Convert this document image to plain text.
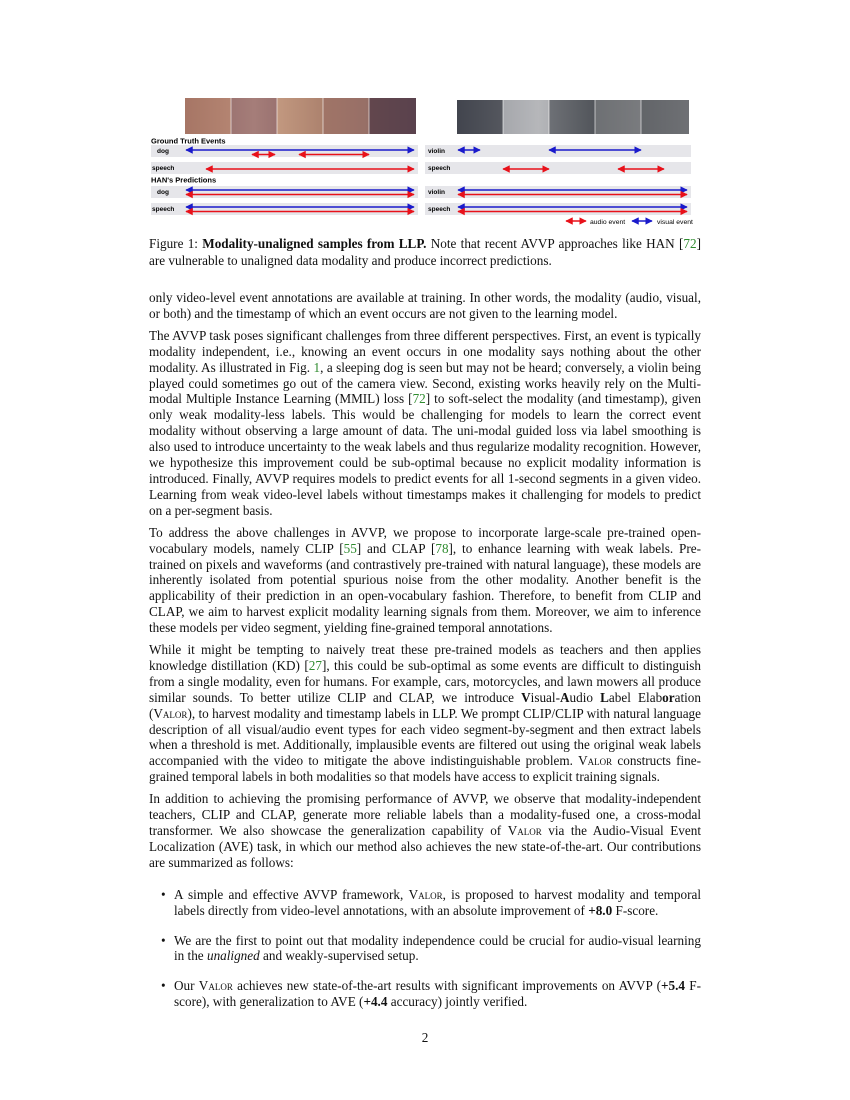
Ground Truth Events
HAN's Predictions
dog
speech
dog
speech
violin
speech
violin
speech
audio event	visual event
Figure 1: Modality-unaligned samples from LLP. Note that recent AVVP approaches like HAN [72] are vulnerable to unaligned data modality and produce incorrect predictions.

only video-level event annotations are available at training. In other words, the modality (audio, visual, or both) and the timestamp of which an event occurs are not given to the learning model.

The AVVP task poses significant challenges from three different perspectives. First, an event is typically modality independent, i.e., knowing an event occurs in one modality says nothing about the other modality. As illustrated in Fig. 1, a sleeping dog is seen but may not be heard; conversely, a violin being played could sometimes go out of the camera view. Second, existing works heavily rely on the Multi-modal Multiple Instance Learning (MMIL) loss [72] to soft-select the modality (and timestamp), given only weak modality-less labels. This would be challenging for models to learn the correct event modality without observing a large amount of data. The uni-modal guided loss via label smoothing is also used to introduce uncertainty to the weak labels and thus regularize modality recognition. However, we hypothesize this improvement could be sub-optimal because no explicit modality information is introduced. Finally, AVVP requires models to predict events for all 1-second segments in a given video. Learning from weak video-level labels without timestamps makes it challenging for models to predict on a per-segment basis.

To address the above challenges in AVVP, we propose to incorporate large-scale pre-trained open-vocabulary models, namely CLIP [55] and CLAP [78], to enhance learning with weak labels. Pre-trained on pixels and waveforms (and contrastively pre-trained with natural language), these models are inherently isolated from potential spurious noise from the other modality. Another benefit is the applicability of their prediction in an open-vocabulary fashion. Therefore, to benefit from CLIP and CLAP, we aim to harvest explicit modality learning signals from them. Moreover, we aim to inference these models per video segment, yielding fine-grained temporal annotations.

While it might be tempting to naively treat these pre-trained models as teachers and then applies knowledge distillation (KD) [27], this could be sub-optimal as some events are difficult to distinguish from a single modality, even for humans. For example, cars, motorcycles, and lawn mowers all produce similar sounds. To better utilize CLIP and CLAP, we introduce Visual-Audio Label Elaboration (Valor), to harvest modality and timestamp labels in LLP. We prompt CLIP/CLIP with natural language description of all visual/audio event types for each video segment-by-segment and then extract labels when a threshold is met. Additionally, implausible events are filtered out using the original weak labels accompanied with the video to mitigate the above indistinguishable problem. Valor constructs fine-grained temporal labels in both modalities so that models have access to explicit training signals.

In addition to achieving the promising performance of AVVP, we observe that modality-independent teachers, CLIP and CLAP, generate more reliable labels than a modality-fused one, a cross-modal transformer. We also showcase the generalization capability of Valor via the Audio-Visual Event Localization (AVE) task, in which our method also achieves the new state-of-the-art. Our contributions are summarized as follows:

• A simple and effective AVVP framework, Valor, is proposed to harvest modality and temporal labels directly from video-level annotations, with an absolute improvement of +8.0 F-score.
• We are the first to point out that modality independence could be crucial for audio-visual learning in the unaligned and weakly-supervised setup.
• Our Valor achieves new state-of-the-art results with significant improvements on AVVP (+5.4 F-score), with generalization to AVE (+4.4 accuracy) jointly verified.
2
